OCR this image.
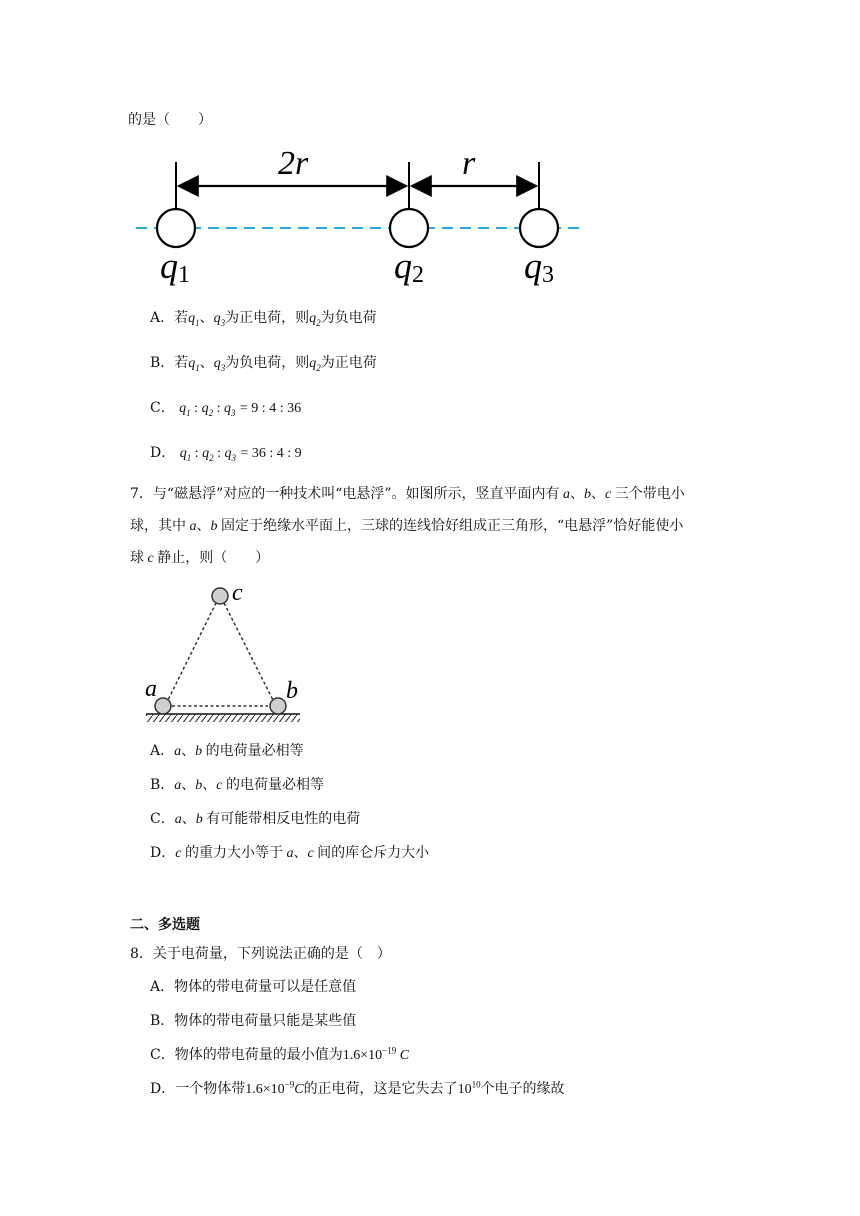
的是（　　）
2r	r
q1	q2	q3
A．若$q_1$、$q_3$为正电荷，则$q_2$为负电荷
B．若$q_1$、$q_3$为负电荷，则$q_2$为正电荷
C． $q_1$ : $q_2$ : $q_3 = 9$ : 4 : 36
D． $q_1$ : $q_2$ : $q_3 = 36$ : 4 : 9
7．与“磁悬浮”对应的一种技术叫“电悬浮”。如图所示，竖直平面内有 a、b、c 三个带电小
球，其中 a、b 固定于绝缘水平面上，三球的连线恰好组成正三角形，“电悬浮”恰好能使小
球 c 静止，则（　　）
c
a	b
A．a、b 的电荷量必相等
B．a、b、c 的电荷量必相等
C．a、b 有可能带相反电性的电荷
D．c 的重力大小等于 a、c 间的库仑斥力大小
二、多选题
8．关于电荷量，下列说法正确的是（　）
A．物体的带电荷量可以是任意值
B．物体的带电荷量只能是某些值
C．物体的带电荷量的最小值为$1.6\times 10^{-19}$ C
D．一个物体带$1.6\times 10^{-9}C$的正电荷，这是它失去了$10^{10}$个电子的缘故
